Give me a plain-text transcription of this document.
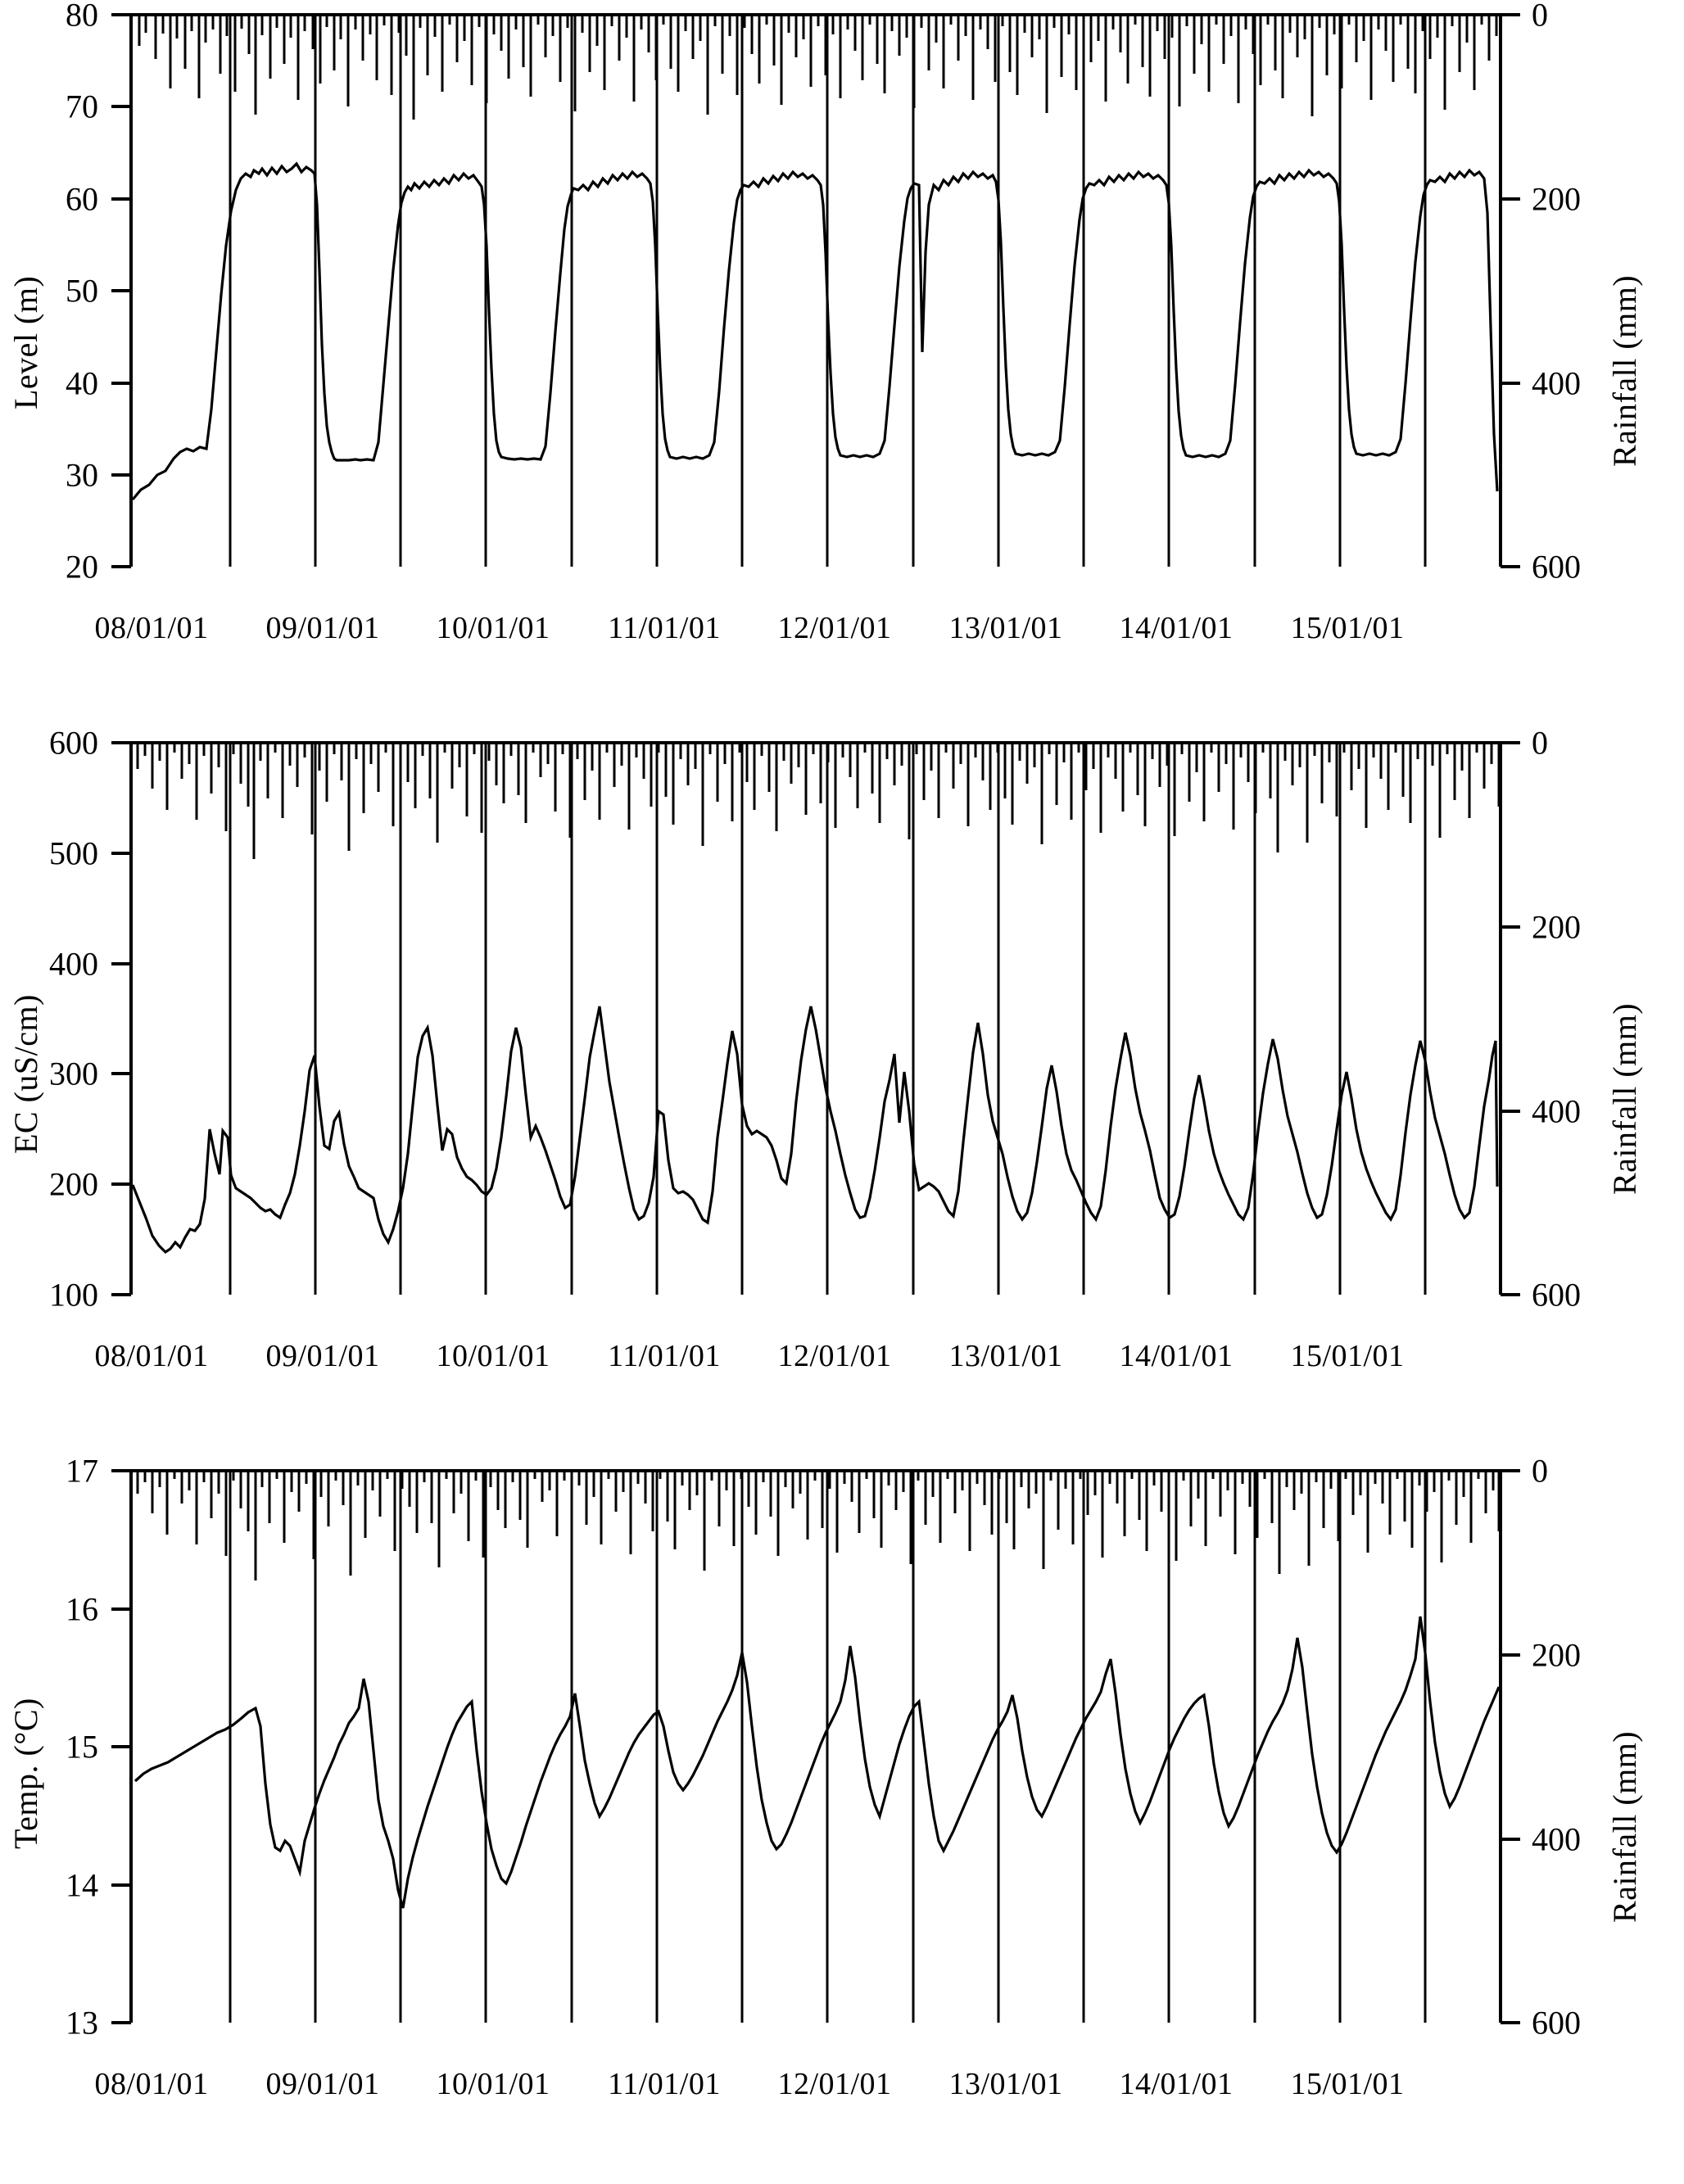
Level (m)	Rainfall (mm)
80
70
60
50
40
30
20
0
200
400
600
08/01/01	09/01/01	10/01/01	11/01/01	12/01/01	13/01/01	14/01/01	15/01/01
EC (uS/cm)	Rainfall (mm)
600
500
400
300
200
100
0
200
400
600
08/01/01	09/01/01	10/01/01	11/01/01	12/01/01	13/01/01	14/01/01	15/01/01
Temp. (°C)	Rainfall (mm)
17
16
15
14
13
0
200
400
600
08/01/01	09/01/01	10/01/01	11/01/01	12/01/01	13/01/01	14/01/01	15/01/01
